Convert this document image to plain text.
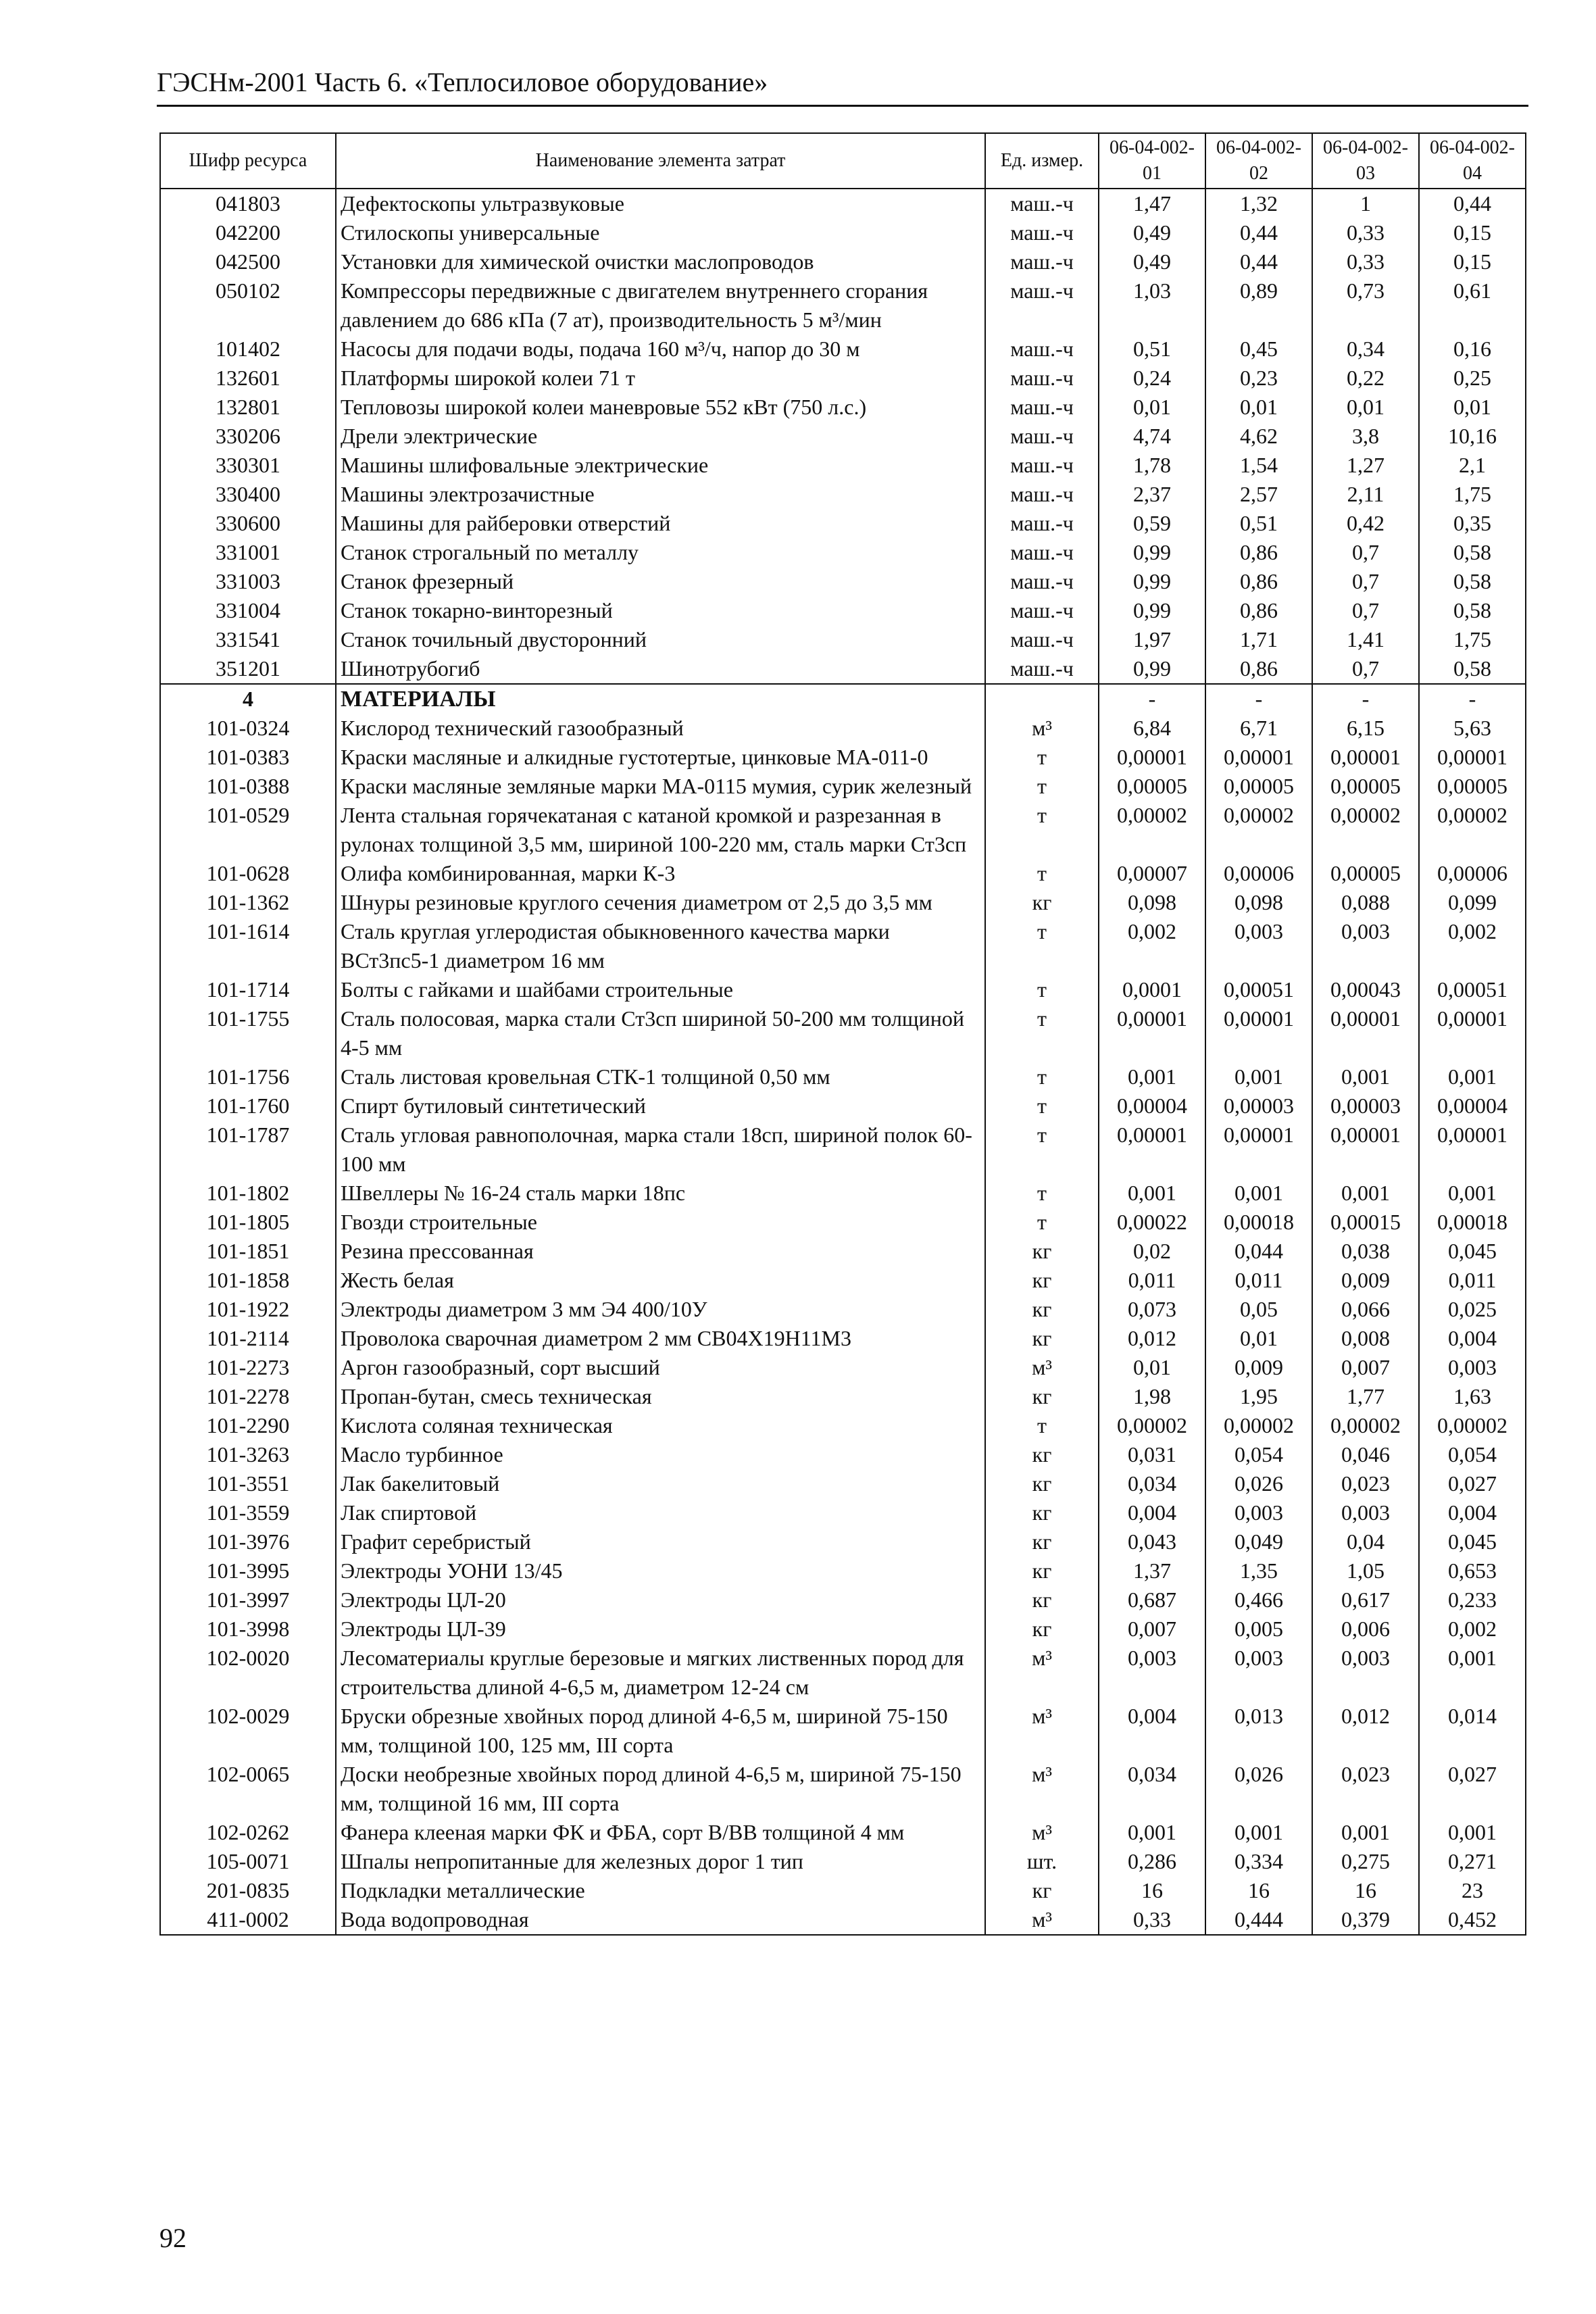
ГЭСНм-2001 Часть 6. «Теплосиловое оборудование»
Шифр ресурса	Наименование элемента затрат	Ед. измер.	06-04-002-01	06-04-002-02	06-04-002-03	06-04-002-04
041803	Дефектоскопы ультразвуковые	маш.-ч	1,47	1,32	1	0,44
042200	Стилоскопы универсальные	маш.-ч	0,49	0,44	0,33	0,15
042500	Установки для химической очистки маслопроводов	маш.-ч	0,49	0,44	0,33	0,15
050102	Компрессоры передвижные с двигателем внутреннего сгорания давлением до 686 кПа (7 ат), производительность 5 м³/мин	маш.-ч	1,03	0,89	0,73	0,61
101402	Насосы для подачи воды, подача 160 м³/ч, напор до 30 м	маш.-ч	0,51	0,45	0,34	0,16
132601	Платформы широкой колеи 71 т	маш.-ч	0,24	0,23	0,22	0,25
132801	Тепловозы широкой колеи маневровые 552 кВт (750 л.с.)	маш.-ч	0,01	0,01	0,01	0,01
330206	Дрели электрические	маш.-ч	4,74	4,62	3,8	10,16
330301	Машины шлифовальные электрические	маш.-ч	1,78	1,54	1,27	2,1
330400	Машины электрозачистные	маш.-ч	2,37	2,57	2,11	1,75
330600	Машины для райберовки отверстий	маш.-ч	0,59	0,51	0,42	0,35
331001	Станок строгальный по металлу	маш.-ч	0,99	0,86	0,7	0,58
331003	Станок фрезерный	маш.-ч	0,99	0,86	0,7	0,58
331004	Станок токарно-винторезный	маш.-ч	0,99	0,86	0,7	0,58
331541	Станок точильный двусторонний	маш.-ч	1,97	1,71	1,41	1,75
351201	Шинотрубогиб	маш.-ч	0,99	0,86	0,7	0,58
4	МАТЕРИАЛЫ		-	-	-	-
101-0324	Кислород технический газообразный	м³	6,84	6,71	6,15	5,63
101-0383	Краски масляные и алкидные густотертые, цинковые МА-011-0	т	0,00001	0,00001	0,00001	0,00001
101-0388	Краски масляные земляные марки МА-0115 мумия, сурик железный	т	0,00005	0,00005	0,00005	0,00005
101-0529	Лента стальная горячекатаная с катаной кромкой и разрезанная в рулонах толщиной 3,5 мм, шириной 100-220 мм, сталь марки Ст3сп	т	0,00002	0,00002	0,00002	0,00002
101-0628	Олифа комбинированная, марки К-3	т	0,00007	0,00006	0,00005	0,00006
101-1362	Шнуры резиновые круглого сечения диаметром от 2,5 до 3,5 мм	кг	0,098	0,098	0,088	0,099
101-1614	Сталь круглая углеродистая обыкновенного качества марки ВСт3пс5-1 диаметром 16 мм	т	0,002	0,003	0,003	0,002
101-1714	Болты с гайками и шайбами строительные	т	0,0001	0,00051	0,00043	0,00051
101-1755	Сталь полосовая, марка стали Ст3сп шириной 50-200 мм толщиной 4-5 мм	т	0,00001	0,00001	0,00001	0,00001
101-1756	Сталь листовая кровельная СТК-1 толщиной 0,50 мм	т	0,001	0,001	0,001	0,001
101-1760	Спирт бутиловый синтетический	т	0,00004	0,00003	0,00003	0,00004
101-1787	Сталь угловая равнополочная, марка стали 18сп, шириной полок 60-100 мм	т	0,00001	0,00001	0,00001	0,00001
101-1802	Швеллеры № 16-24 сталь марки 18пс	т	0,001	0,001	0,001	0,001
101-1805	Гвозди строительные	т	0,00022	0,00018	0,00015	0,00018
101-1851	Резина прессованная	кг	0,02	0,044	0,038	0,045
101-1858	Жесть белая	кг	0,011	0,011	0,009	0,011
101-1922	Электроды диаметром 3 мм Э4 400/10У	кг	0,073	0,05	0,066	0,025
101-2114	Проволока сварочная диаметром 2 мм СВ04Х19Н11М3	кг	0,012	0,01	0,008	0,004
101-2273	Аргон газообразный, сорт высший	м³	0,01	0,009	0,007	0,003
101-2278	Пропан-бутан, смесь техническая	кг	1,98	1,95	1,77	1,63
101-2290	Кислота соляная техническая	т	0,00002	0,00002	0,00002	0,00002
101-3263	Масло турбинное	кг	0,031	0,054	0,046	0,054
101-3551	Лак бакелитовый	кг	0,034	0,026	0,023	0,027
101-3559	Лак спиртовой	кг	0,004	0,003	0,003	0,004
101-3976	Графит серебристый	кг	0,043	0,049	0,04	0,045
101-3995	Электроды УОНИ 13/45	кг	1,37	1,35	1,05	0,653
101-3997	Электроды ЦЛ-20	кг	0,687	0,466	0,617	0,233
101-3998	Электроды ЦЛ-39	кг	0,007	0,005	0,006	0,002
102-0020	Лесоматериалы круглые березовые и мягких лиственных пород для строительства длиной 4-6,5 м, диаметром 12-24 см	м³	0,003	0,003	0,003	0,001
102-0029	Бруски обрезные хвойных пород длиной 4-6,5 м, шириной 75-150 мм, толщиной 100, 125 мм, III сорта	м³	0,004	0,013	0,012	0,014
102-0065	Доски необрезные хвойных пород длиной 4-6,5 м, шириной 75-150 мм, толщиной 16 мм, III сорта	м³	0,034	0,026	0,023	0,027
102-0262	Фанера клееная марки ФК и ФБА, сорт В/ВВ толщиной 4 мм	м³	0,001	0,001	0,001	0,001
105-0071	Шпалы непропитанные для железных дорог 1 тип	шт.	0,286	0,334	0,275	0,271
201-0835	Подкладки металлические	кг	16	16	16	23
411-0002	Вода водопроводная	м³	0,33	0,444	0,379	0,452
92
